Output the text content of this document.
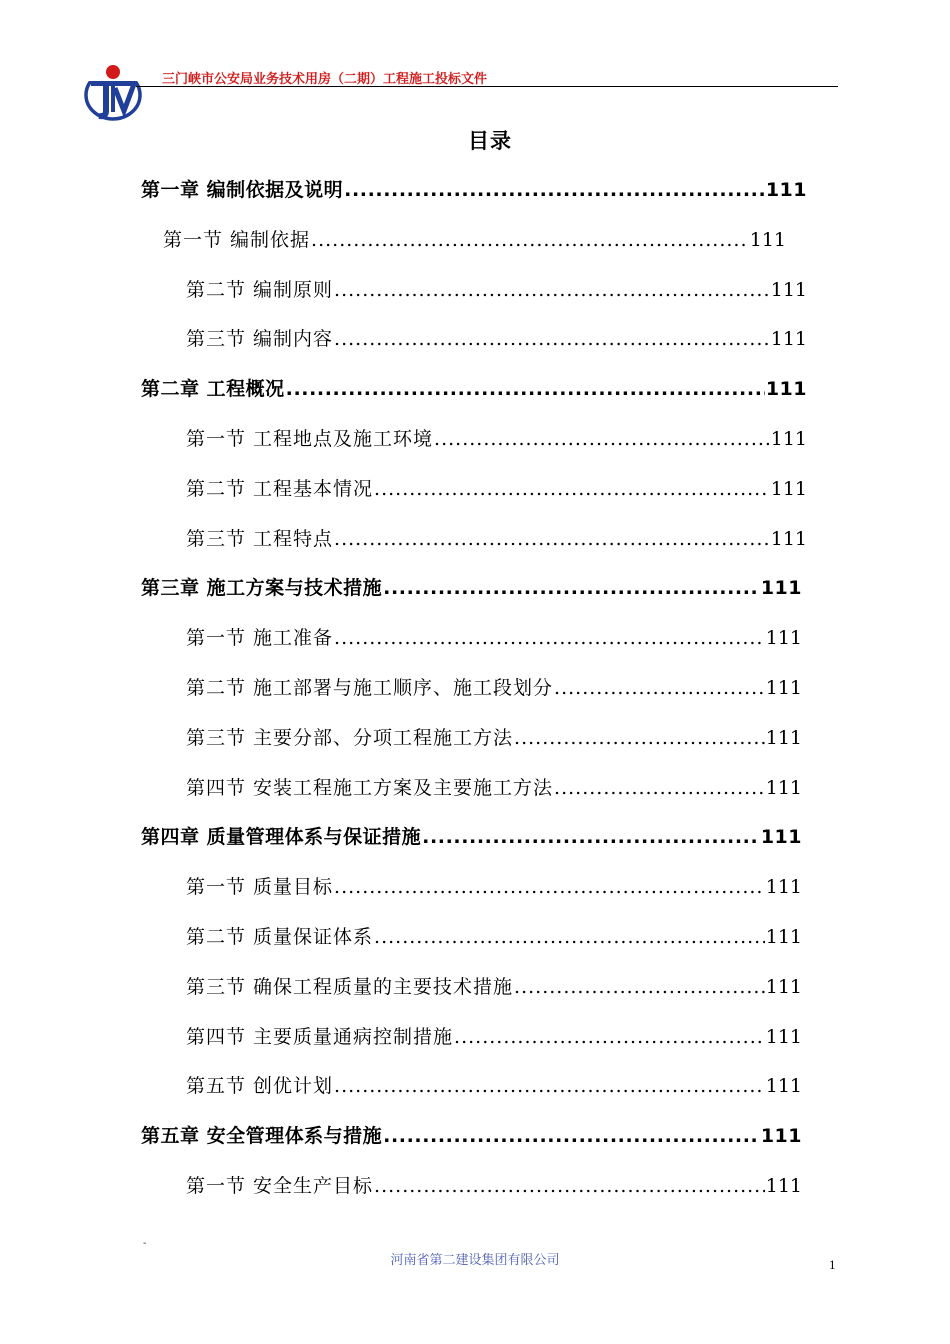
三门峡市公安局业务技术用房（二期）工程施工投标文件
目录
第一章 编制依据及说明 .....	111
第一节 编制依据 .....	111
第二节 编制原则 .....	111
第三节 编制内容 .....	111
第二章 工程概况 .....	111
第一节 工程地点及施工环境 .....	111
第二节 工程基本情况 .....	111
第三节 工程特点 .....	111
第三章 施工方案与技术措施 .....	111
第一节 施工准备 .....	111
第二节 施工部署与施工顺序、施工段划分 .....	111
第三节 主要分部、分项工程施工方法 .....	111
第四节 安装工程施工方案及主要施工方法 .....	111
第四章 质量管理体系与保证措施 .....	111
第一节 质量目标 .....	111
第二节 质量保证体系 .....	111
第三节 确保工程质量的主要技术措施 .....	111
第四节 主要质量通病控制措施 .....	111
第五节 创优计划 .....	111
第五章 安全管理体系与措施 .....	111
第一节 安全生产目标 .....	111
-
河南省第二建设集团有限公司	1
